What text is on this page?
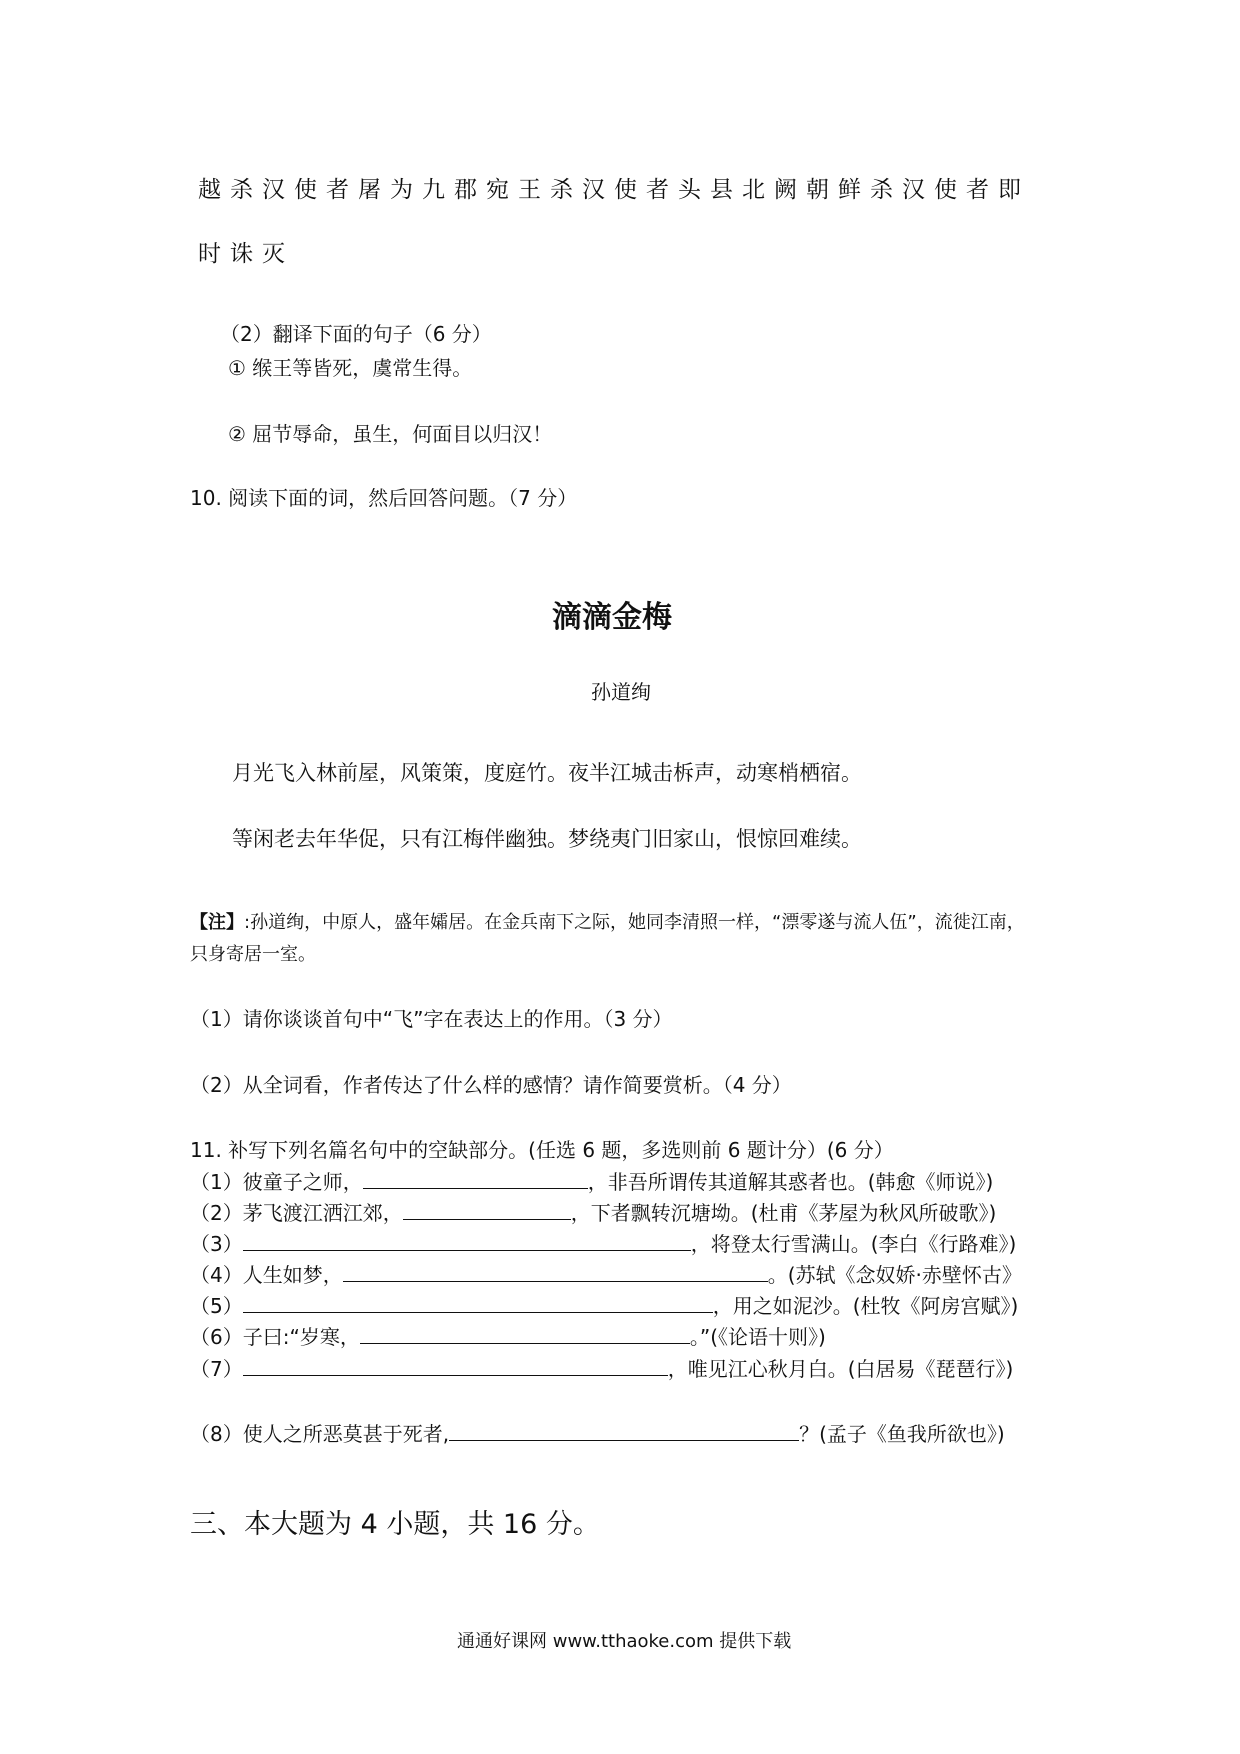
越杀汉使者屠为九郡宛王杀汉使者头县北阙朝鲜杀汉使者即
时诛灭
（2）翻译下面的句子（6 分）
① 缑王等皆死，虞常生得。
② 屈节辱命，虽生，何面目以归汉！
10. 阅读下面的词，然后回答问题。（7 分）
滴滴金梅
孙道绚
月光飞入林前屋，风策策，度庭竹。夜半江城击柝声，动寒梢栖宿。
等闲老去年华促，只有江梅伴幽独。梦绕夷门旧家山，恨惊回难续。
【注】:孙道绚，中原人，盛年孀居。在金兵南下之际，她同李清照一样，“漂零遂与流人伍”，流徙江南，
只身寄居一室。
（1）请你谈谈首句中“飞”字在表达上的作用。（3 分）
（2）从全词看，作者传达了什么样的感情？请作简要赏析。（4 分）
11. 补写下列名篇名句中的空缺部分。(任选 6 题，多选则前 6 题计分）(6 分）
（1）彼童子之师，	，非吾所谓传其道解其惑者也。(韩愈《师说》)
（2）茅飞渡江洒江郊，	，下者飘转沉塘坳。(杜甫《茅屋为秋风所破歌》)
（3）	，将登太行雪满山。(李白《行路难》)
（4）人生如梦，	。(苏轼《念奴娇·赤壁怀古》
（5）	，用之如泥沙。(杜牧《阿房宫赋》)
（6）子曰:“岁寒，	。”(《论语十则》)
（7）	，唯见江心秋月白。(白居易《琵琶行》)
（8）使人之所恶莫甚于死者,	？(孟子《鱼我所欲也》)
三、本大题为 4 小题，共 16 分。
通通好课网 www.tthaoke.com 提供下载
